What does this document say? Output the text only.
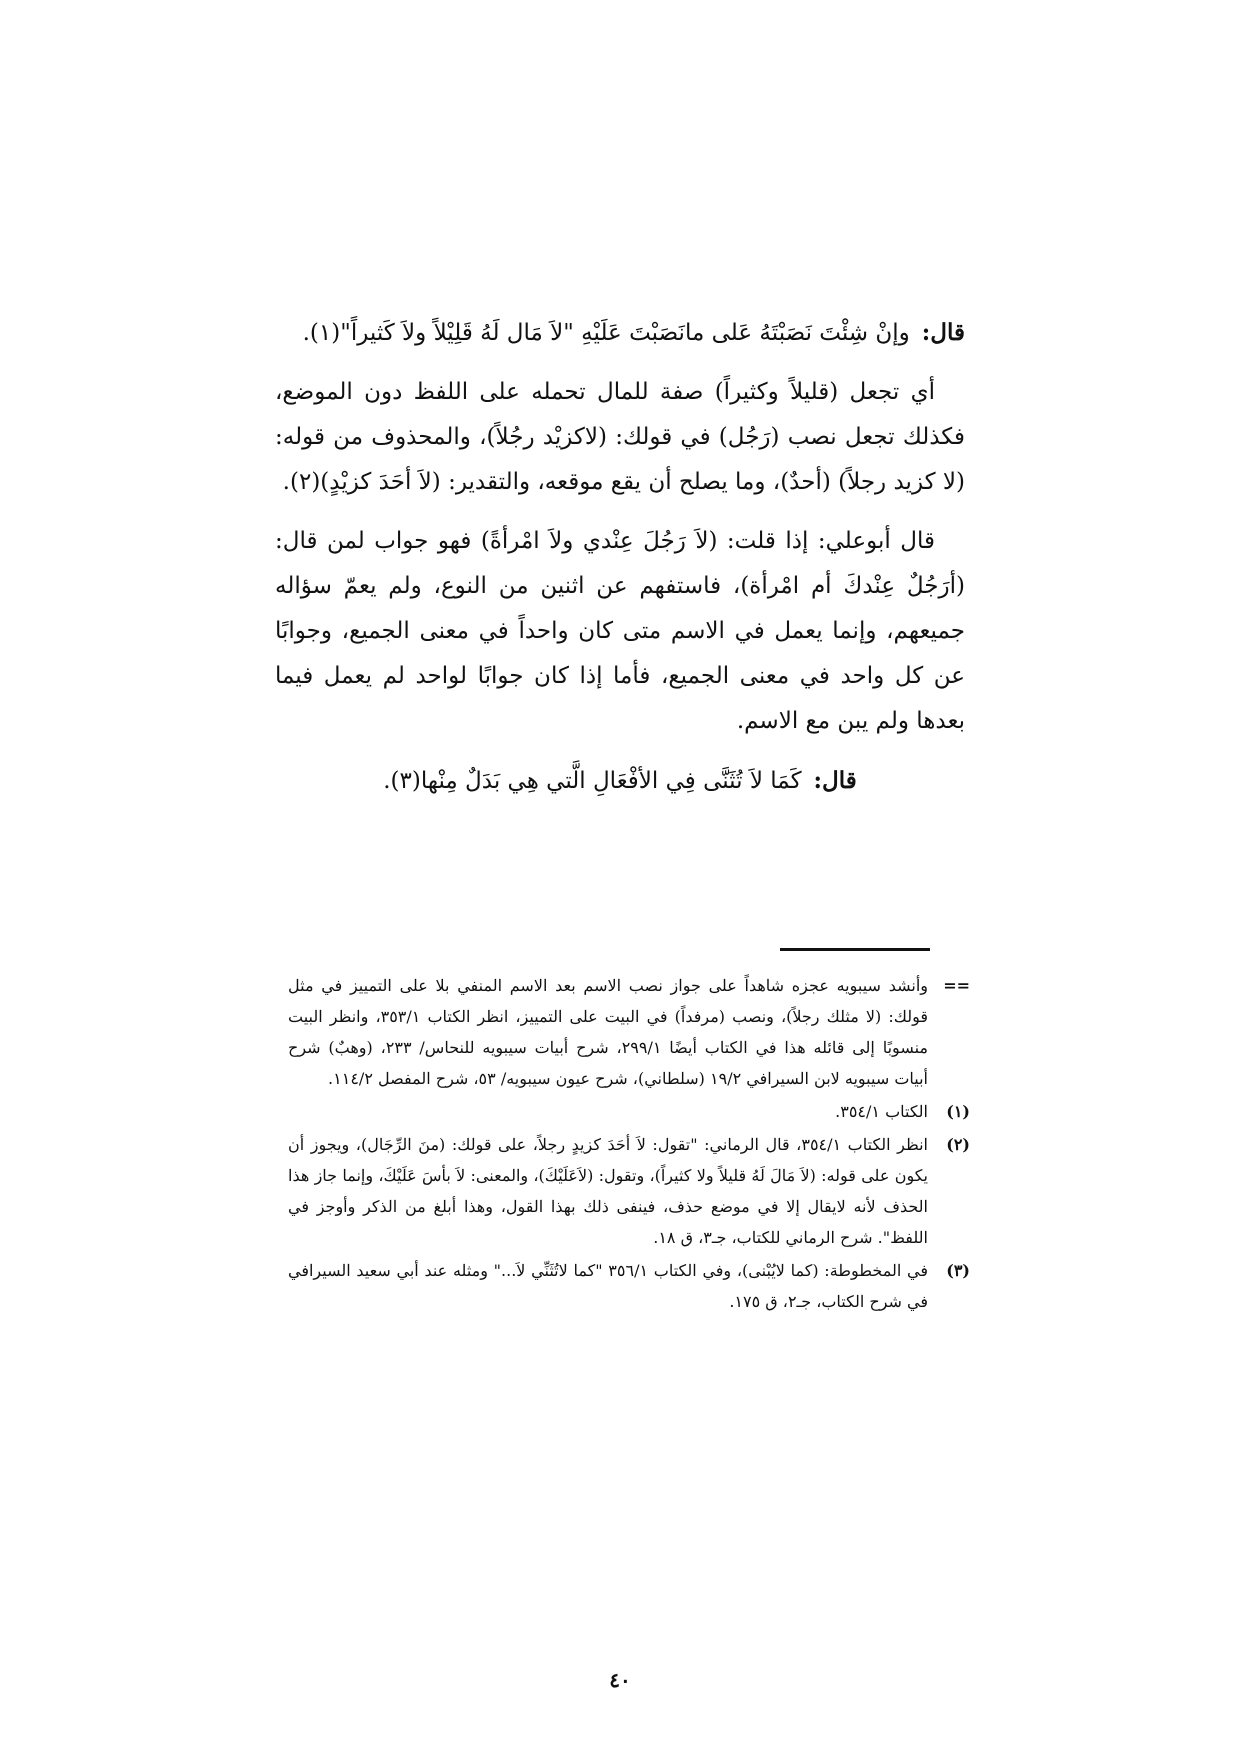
قال:وإنْ شِئْتَ نَصَبْتَهُ عَلى مانَصَبْتَ عَلَيْهِ "لاَ مَال لَهُ قَلِيْلاً ولاَ كَثيراً"(١).

أي تجعل (قليلاً وكثيراً) صفة للمال تحمله على اللفظ دون الموضع، فكذلك تجعل نصب (رَجُل) في قولك: (لاكزيْد رجُلاً)، والمحذوف من قوله: (لا كزيد رجلاً) (أحدٌ)، وما يصلح أن يقع موقعه، والتقدير: (لاَ أحَدَ كزيْدٍ)(٢).

قال أبوعلي: إذا قلت: (لاَ رَجُلَ عِنْدي ولاَ امْرأةً) فهو جواب لمن قال: (أرَجُلٌ عِنْدكَ أم امْرأة)، فاستفهم عن اثنين من النوع، ولم يعمّ سؤاله جميعهم، وإنما يعمل في الاسم متى كان واحداً في معنى الجميع، وجوابًا عن كل واحد في معنى الجميع، فأما إذا كان جوابًا لواحد لم يعمل فيما بعدها ولم يبن مع الاسم.

قال:كَمَا لاَ تُثَنَّى فِي الأفْعَالِ الَّتي هِي بَدَلٌ مِنْها(٣).

==
وأنشد سيبويه عجزه شاهداً على جواز نصب الاسم بعد الاسم المنفي بلا على التمييز في مثل قولك: (لا مثلك رجلاً)، ونصب (مرفداً) في البيت على التمييز، انظر الكتاب ٣٥٣/١، وانظر البيت منسوبًا إلى قائله هذا في الكتاب أيضًا ٢٩٩/١، شرح أبيات سيبويه للنحاس/ ٢٣٣، (وهبٌ) شرح أبيات سيبويه لابن السيرافي ١٩/٢ (سلطاني)، شرح عيون سيبويه/ ٥٣، شرح المفصل ١١٤/٢.
(١)
الكتاب ٣٥٤/١.
(٢)
انظر الكتاب ٣٥٤/١، قال الرماني: "تقول: لاَ أحَدَ كزيدٍ رجلاً، على قولك: (منَ الرِّجَال)، ويجوز أن يكون على قوله: (لاَ مَالَ لَهُ قليلاً ولا كثيراً)، وتقول: (لاَعَلَيْكَ)، والمعنى: لاَ بأسَ عَلَيْكَ، وإنما جاز هذا الحذف لأنه لايقال إلا في موضع حذف، فينفى ذلك بهذا القول، وهذا أبلغ من الذكر وأوجز في اللفظ". شرح الرماني للكتاب، جـ٣، ق ١٨.
(٣)
في المخطوطة: (كما لايُبْنى)، وفي الكتاب ٣٥٦/١ "كما لاتُثَنِّي لاَ..." ومثله عند أبي سعيد السيرافي في شرح الكتاب، جـ٢، ق ١٧٥.
٤٠
